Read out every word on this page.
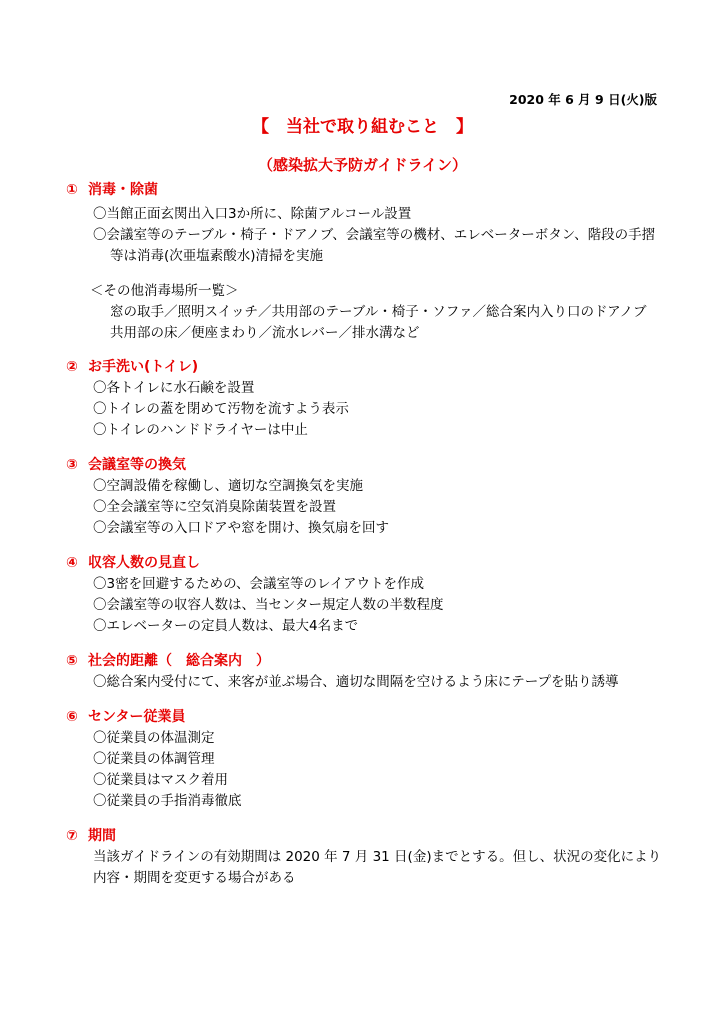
2020 年 6 月 9 日(火)版
【　当社で取り組むこと　】
（感染拡大予防ガイドライン）
① 消毒・除菌
〇当館正面玄関出入口3か所に、除菌アルコール設置
〇会議室等のテーブル・椅子・ドアノブ、会議室等の機材、エレベーターボタン、階段の手摺
等は消毒(次亜塩素酸水)清掃を実施
＜その他消毒場所一覧＞
窓の取手／照明スイッチ／共用部のテーブル・椅子・ソファ／総合案内入り口のドアノブ
共用部の床／便座まわり／流水レバー／排水溝など
② お手洗い(トイレ)
〇各トイレに水石鹸を設置
〇トイレの蓋を閉めて汚物を流すよう表示
〇トイレのハンドドライヤーは中止
③ 会議室等の換気
〇空調設備を稼働し、適切な空調換気を実施
〇全会議室等に空気消臭除菌装置を設置
〇会議室等の入口ドアや窓を開け、換気扇を回す
④ 収容人数の見直し
〇3密を回避するための、会議室等のレイアウトを作成
〇会議室等の収容人数は、当センター規定人数の半数程度
〇エレベーターの定員人数は、最大4名まで
⑤ 社会的距離（　総合案内　）
〇総合案内受付にて、来客が並ぶ場合、適切な間隔を空けるよう床にテープを貼り誘導
⑥ センター従業員
〇従業員の体温測定
〇従業員の体調管理
〇従業員はマスク着用
〇従業員の手指消毒徹底
⑦ 期間
当該ガイドラインの有効期間は 2020 年 7 月 31 日(金)までとする。但し、状況の変化により
内容・期間を変更する場合がある
